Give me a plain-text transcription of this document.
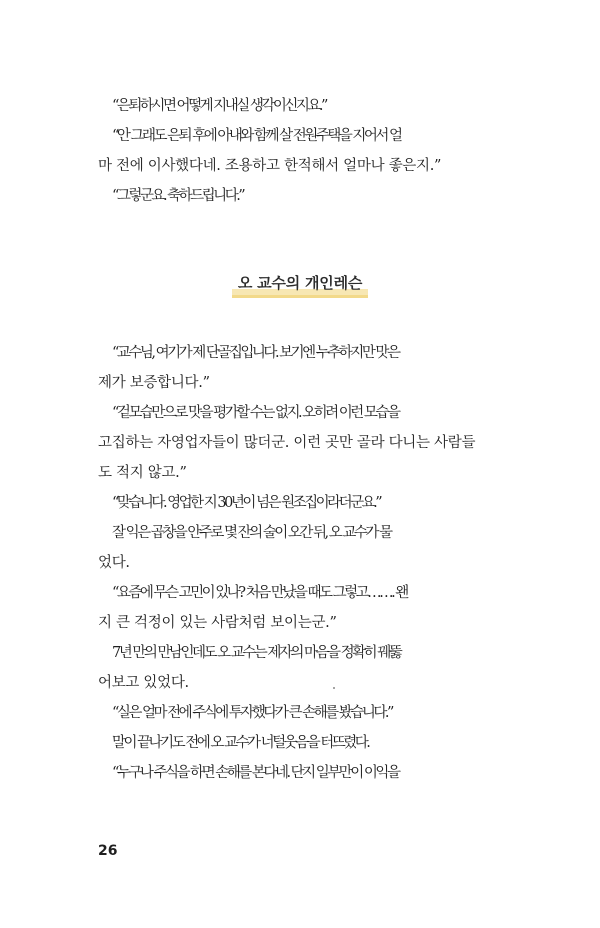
“은퇴하시면 어떻게 지내실 생각이신지요.”
“안 그래도 은퇴 후에 아내와 함께 살 전원주택을 지어서 얼
마 전에 이사했다네. 조용하고 한적해서 얼마나 좋은지.”
“그렇군요. 축하드립니다.”
오 교수의 개인레슨
“교수님, 여기가 제 단골집입니다. 보기엔 누추하지만 맛은
제가 보증합니다.”
“겉모습만으로 맛을 평가할 수는 없지. 오히려 이런 모습을
고집하는 자영업자들이 많더군. 이런 곳만 골라 다니는 사람들
도 적지 않고.”
“맞습니다. 영업한 지 30년이 넘은 원조집이라더군요.”
잘 익은 곱창을 안주로 몇 잔의 술이 오간 뒤, 오 교수가 물
었다.
“요즘에 무슨 고민이 있나? 처음 만났을 때도 그렇고……. 왠
지 큰 걱정이 있는 사람처럼 보이는군.”
7년 만의 만남인데도 오 교수는 제자의 마음을 정확히 꿰뚫
어보고 있었다.
“실은 얼마 전에 주식에 투자했다가 큰 손해를 봤습니다.”
말이 끝나기도 전에 오 교수가 너털웃음을 터뜨렸다.
“누구나 주식을 하면 손해를 본다네. 단지 일부만이 이익을
26
